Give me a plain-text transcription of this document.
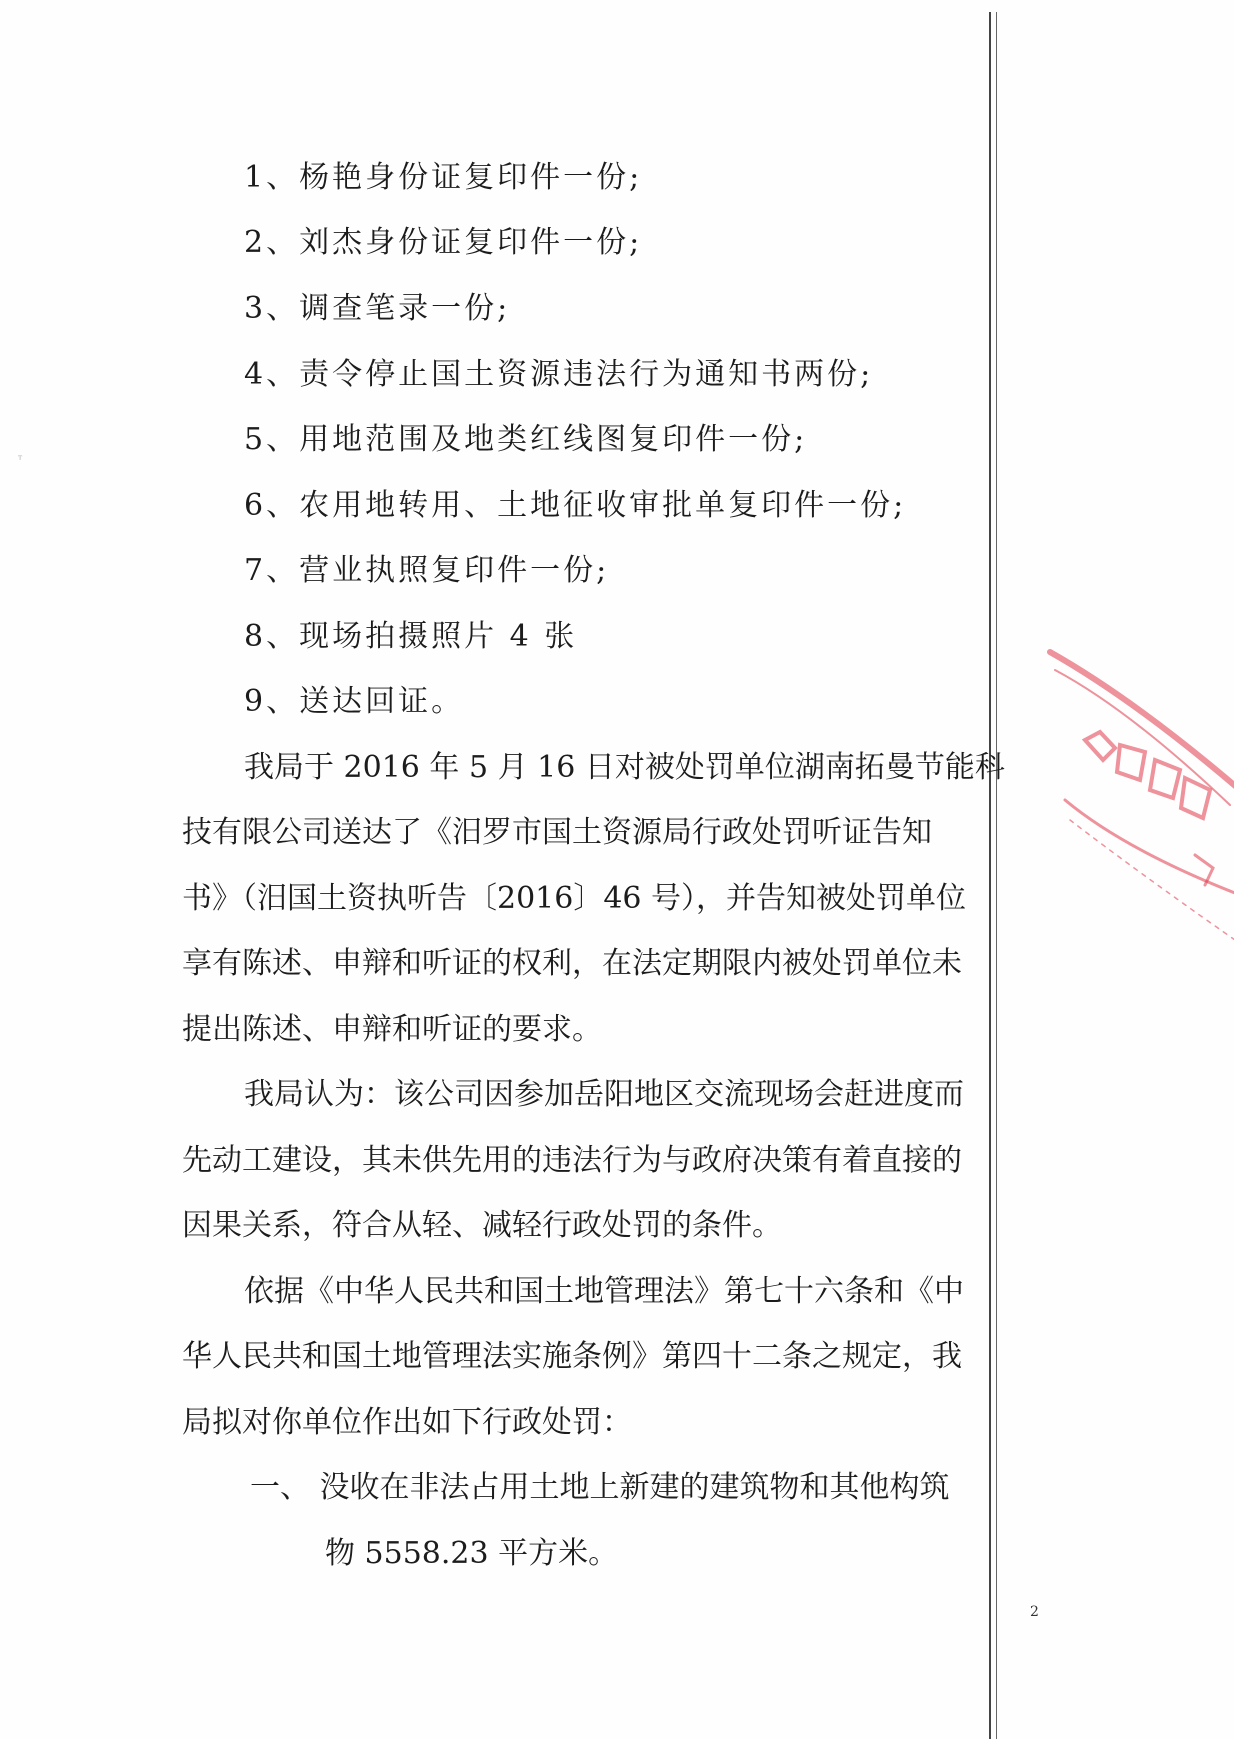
ᵀ
1、杨艳身份证复印件一份;
2、刘杰身份证复印件一份;
3、调查笔录一份;
4、责令停止国土资源违法行为通知书两份;
5、用地范围及地类红线图复印件一份;
6、农用地转用、土地征收审批单复印件一份;
7、营业执照复印件一份;
8、现场拍摄照片 4 张
9、送达回证。
我局于 2016 年 5 月 16 日对被处罚单位湖南拓曼节能科
技有限公司送达了《汨罗市国土资源局行政处罚听证告知
书》（汨国土资执听告〔2016〕46 号），并告知被处罚单位
享有陈述、申辩和听证的权利，在法定期限内被处罚单位未
提出陈述、申辩和听证的要求。
我局认为：该公司因参加岳阳地区交流现场会赶进度而
先动工建设，其未供先用的违法行为与政府决策有着直接的
因果关系，符合从轻、减轻行政处罚的条件。
依据《中华人民共和国土地管理法》第七十六条和《中
华人民共和国土地管理法实施条例》第四十二条之规定，我
局拟对你单位作出如下行政处罚：
一、 没收在非法占用土地上新建的建筑物和其他构筑
物 5558.23 平方米。
2
